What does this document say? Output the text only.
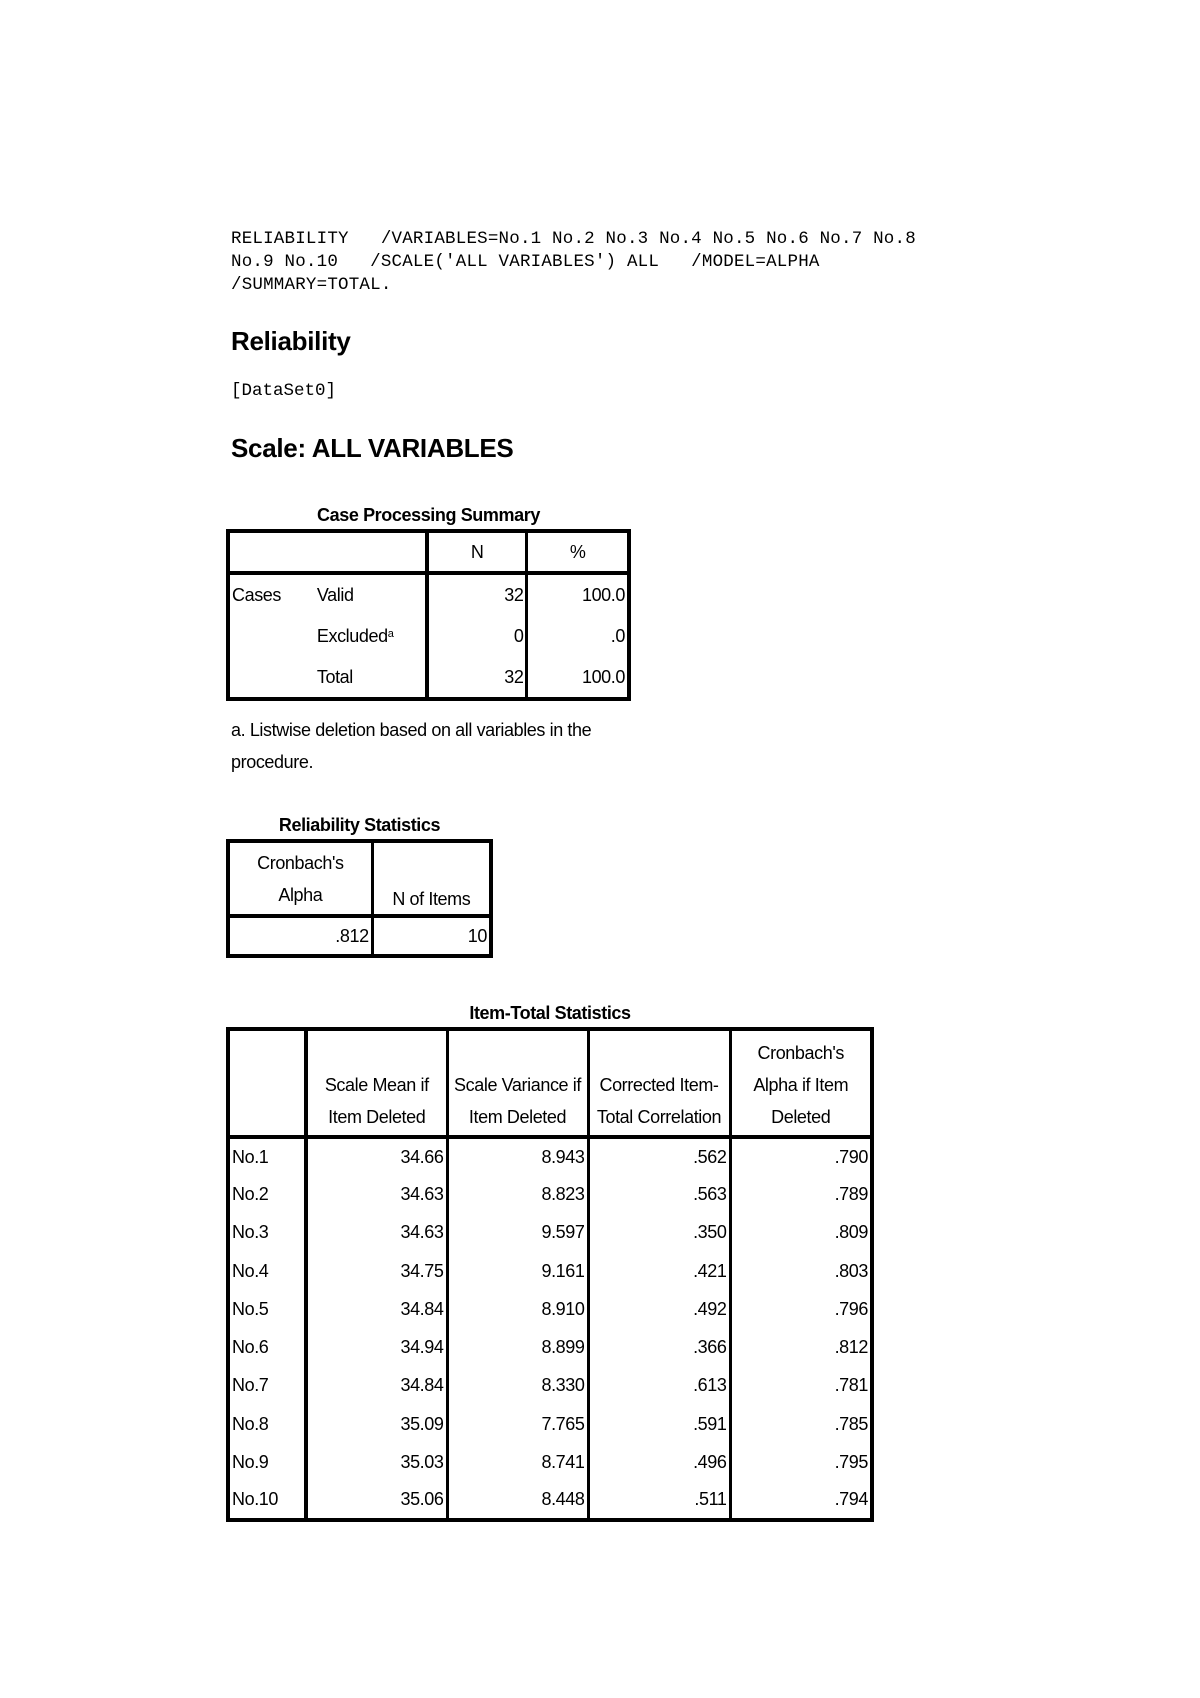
RELIABILITY   /VARIABLES=No.1 No.2 No.3 No.4 No.5 No.6 No.7 No.8
No.9 No.10   /SCALE('ALL VARIABLES') ALL   /MODEL=ALPHA
/SUMMARY=TOTAL.
Reliability
[DataSet0]
Scale: ALL VARIABLES
Case Processing Summary
		N	%
Cases	Valid	32	100.0
	Excluded$^a$	0	.0
	Total	32	100.0
a. Listwise deletion based on all variables in the procedure.
Reliability Statistics
Cronbach's Alpha	N of Items
.812	10
Item-Total Statistics
	Scale Mean if Item Deleted	Scale Variance if Item Deleted	Corrected Item-Total Correlation	Cronbach's Alpha if Item Deleted
No.1	34.66	8.943	.562	.790
No.2	34.63	8.823	.563	.789
No.3	34.63	9.597	.350	.809
No.4	34.75	9.161	.421	.803
No.5	34.84	8.910	.492	.796
No.6	34.94	8.899	.366	.812
No.7	34.84	8.330	.613	.781
No.8	35.09	7.765	.591	.785
No.9	35.03	8.741	.496	.795
No.10	35.06	8.448	.511	.794
